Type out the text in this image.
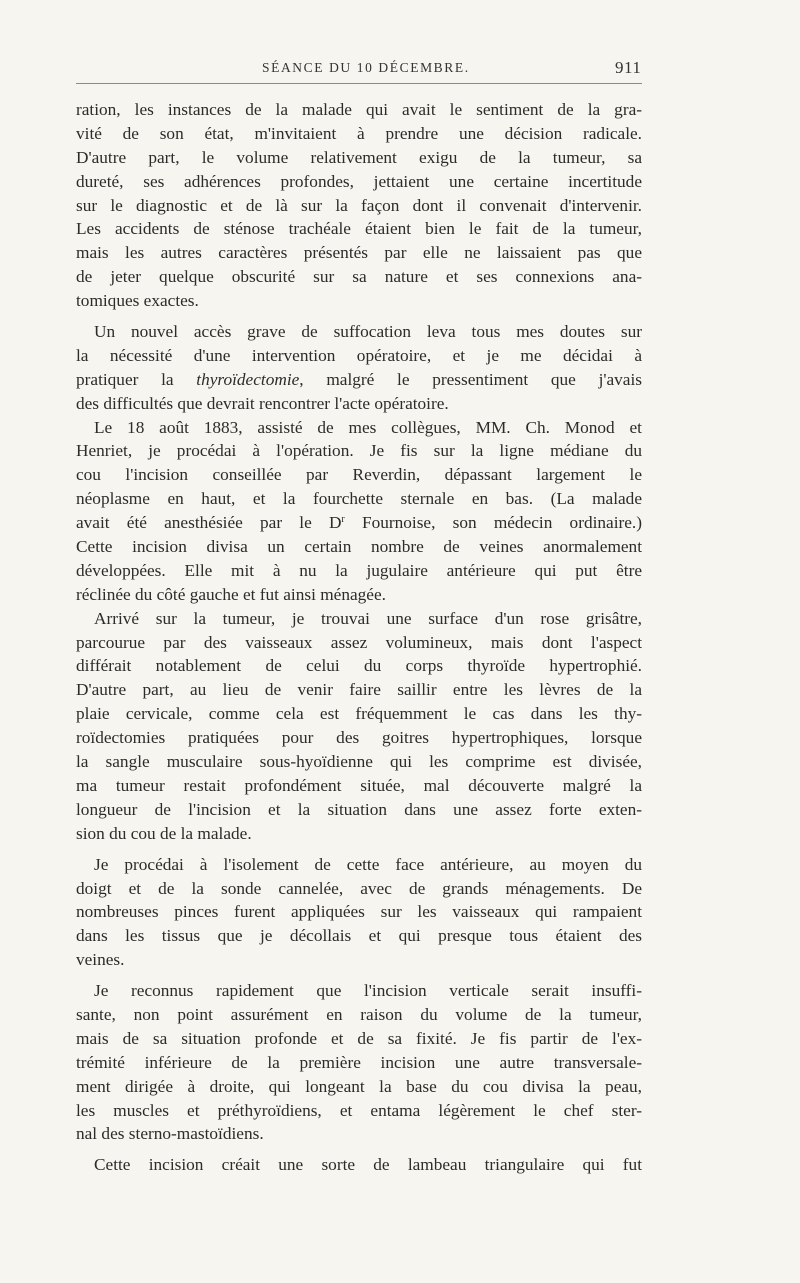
SÉANCE DU 10 DÉCEMBRE.	911
ration, les instances de la malade qui avait le sentiment de la gra-
vité de son état, m'invitaient à prendre une décision radicale.
D'autre part, le volume relativement exigu de la tumeur, sa
dureté, ses adhérences profondes, jettaient une certaine incertitude
sur le diagnostic et de là sur la façon dont il convenait d'intervenir.
Les accidents de sténose trachéale étaient bien le fait de la tumeur,
mais les autres caractères présentés par elle ne laissaient pas que
de jeter quelque obscurité sur sa nature et ses connexions ana-
tomiques exactes.
Un nouvel accès grave de suffocation leva tous mes doutes sur
la nécessité d'une intervention opératoire, et je me décidai à
pratiquer la thyroïdectomie, malgré le pressentiment que j'avais
des difficultés que devrait rencontrer l'acte opératoire.
Le 18 août 1883, assisté de mes collègues, MM. Ch. Monod et
Henriet, je procédai à l'opération. Je fis sur la ligne médiane du
cou l'incision conseillée par Reverdin, dépassant largement le
néoplasme en haut, et la fourchette sternale en bas. (La malade
avait été anesthésiée par le $D^r$ Fournoise, son médecin ordinaire.)
Cette incision divisa un certain nombre de veines anormalement
développées. Elle mit à nu la jugulaire antérieure qui put être
réclinée du côté gauche et fut ainsi ménagée.
Arrivé sur la tumeur, je trouvai une surface d'un rose grisâtre,
parcourue par des vaisseaux assez volumineux, mais dont l'aspect
différait notablement de celui du corps thyroïde hypertrophié.
D'autre part, au lieu de venir faire saillir entre les lèvres de la
plaie cervicale, comme cela est fréquemment le cas dans les thy-
roïdectomies pratiquées pour des goitres hypertrophiques, lorsque
la sangle musculaire sous-hyoïdienne qui les comprime est divisée,
ma tumeur restait profondément située, mal découverte malgré la
longueur de l'incision et la situation dans une assez forte exten-
sion du cou de la malade.
Je procédai à l'isolement de cette face antérieure, au moyen du
doigt et de la sonde cannelée, avec de grands ménagements. De
nombreuses pinces furent appliquées sur les vaisseaux qui rampaient
dans les tissus que je décollais et qui presque tous étaient des
veines.
Je reconnus rapidement que l'incision verticale serait insuffi-
sante, non point assurément en raison du volume de la tumeur,
mais de sa situation profonde et de sa fixité. Je fis partir de l'ex-
trémité inférieure de la première incision une autre transversale-
ment dirigée à droite, qui longeant la base du cou divisa la peau,
les muscles et préthyroïdiens, et entama légèrement le chef ster-
nal des sterno-mastoïdiens.
Cette incision créait une sorte de lambeau triangulaire qui fut
